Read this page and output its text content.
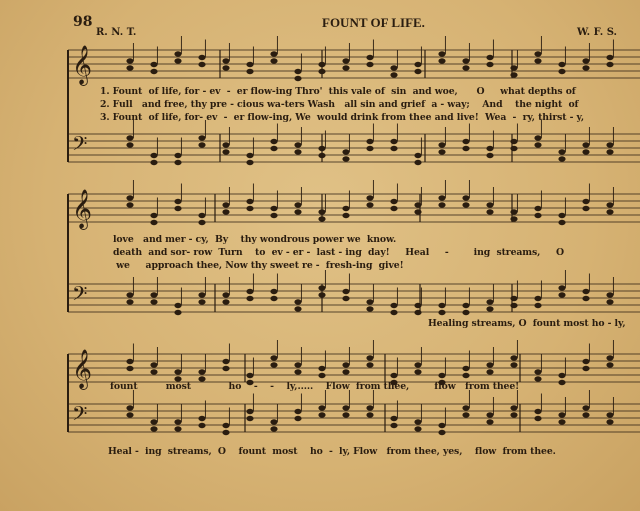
𝄞
𝄢
𝄞
𝄢
𝄞
𝄢
98	FOUNT OF LIFE.
R. N. T.	W. F. S.
1. Fount  of life, for - ev  -  er flow-ing Thro'  this vale of  sin  and woe,      O     what depths of
2. Full   and free, thy pre - cious wa-ters Wash   all sin and grief  a - way;    And    the night  of
3. Fount  of life, for- ev  -  er flow-ing, We  would drink from thee and live!  Wea  -  ry, thirst - y,
love   and mer - cy,  By    thy wondrous power we  know.
death  and sor- row  Turn    to  ev - er -  last - ing  day!     Heal     -        ing  streams,     O
we     approach thee, Now thy sweet re -  fresh-ing  give!
Healing streams, O  fount most ho - ly,
fount         most            ho    -    -    ly,.....    Flow  from thee,        flow   from thee!
Heal -  ing  streams,  O    fount  most    ho  -  ly, Flow   from thee, yes,    flow  from thee.
